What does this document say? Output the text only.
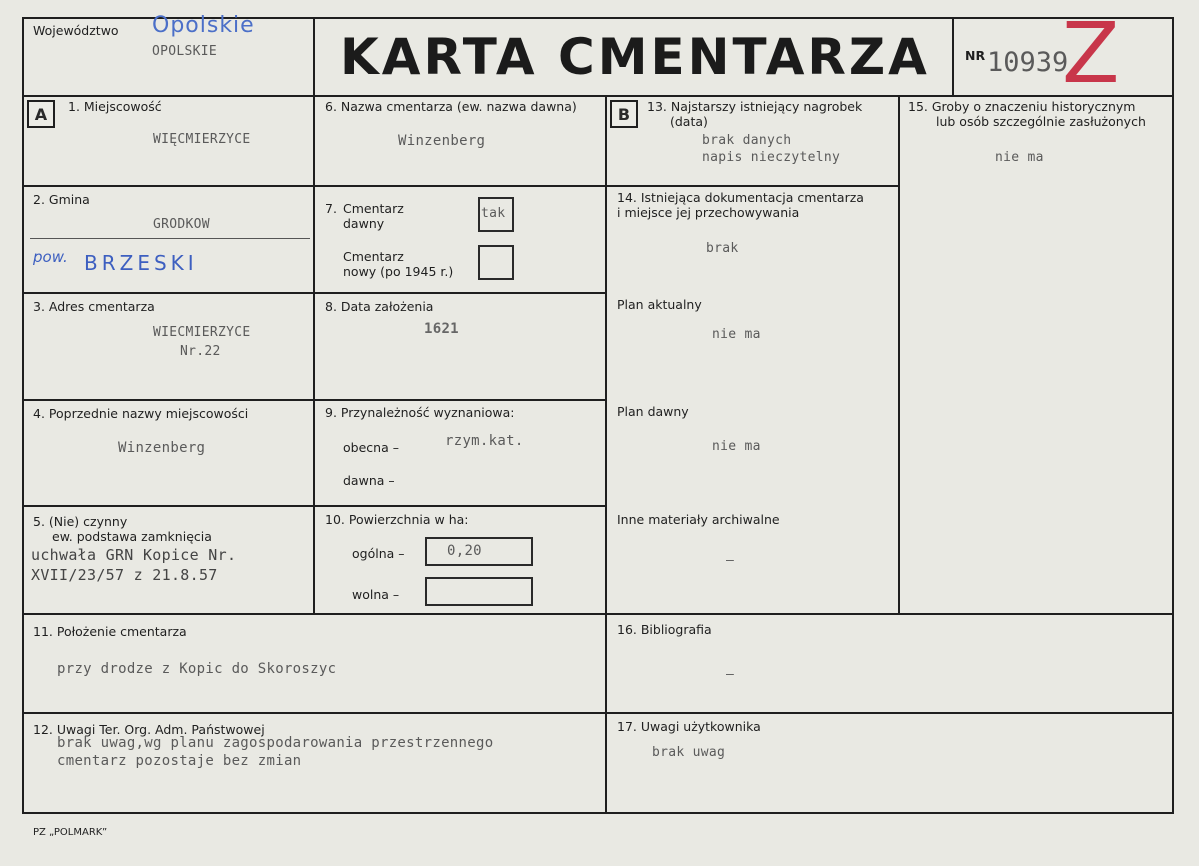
Województwo Opolskie
OPOLSKIE KARTA CMENTARZA	NR 10939
Z
A	B
1. Miejscowość
WIĘCMIERZYCE
2. Gmina
GRODKOW
pow. BRZESKI
3. Adres cmentarza
WIECMIERZYCE
Nr.22
4. Poprzednie nazwy miejscowości
Winzenberg
5. (Nie) czynny
ew. podstawa zamknięcia
uchwała GRN Kopice Nr.
XVII/23/57 z 21.8.57
6. Nazwa cmentarza (ew. nazwa dawna)
Winzenberg
7. Cmentarz
dawny
tak
Cmentarz
nowy (po 1945 r.)
8. Data założenia
1621
9. Przynależność wyznaniowa:
obecna –	rzym.kat.
dawna –
10. Powierzchnia w ha:
ogólna –	0,20
wolna –
13. Najstarszy istniejący nagrobek
(data)
brak danych
napis nieczytelny
14. Istniejąca dokumentacja cmentarza
i miejsce jej przechowywania
brak
Plan aktualny
nie ma
Plan dawny
nie ma
Inne materiały archiwalne
–
15. Groby o znaczeniu historycznym
lub osób szczególnie zasłużonych
nie ma
11. Położenie cmentarza
przy drodze z Kopic do Skoroszyc
16. Bibliografia
–
12. Uwagi Ter. Org. Adm. Państwowej
brak uwag,wg planu zagospodarowania przestrzennego
cmentarz pozostaje bez zmian
17. Uwagi użytkownika
brak uwag
PZ „POLMARK”
